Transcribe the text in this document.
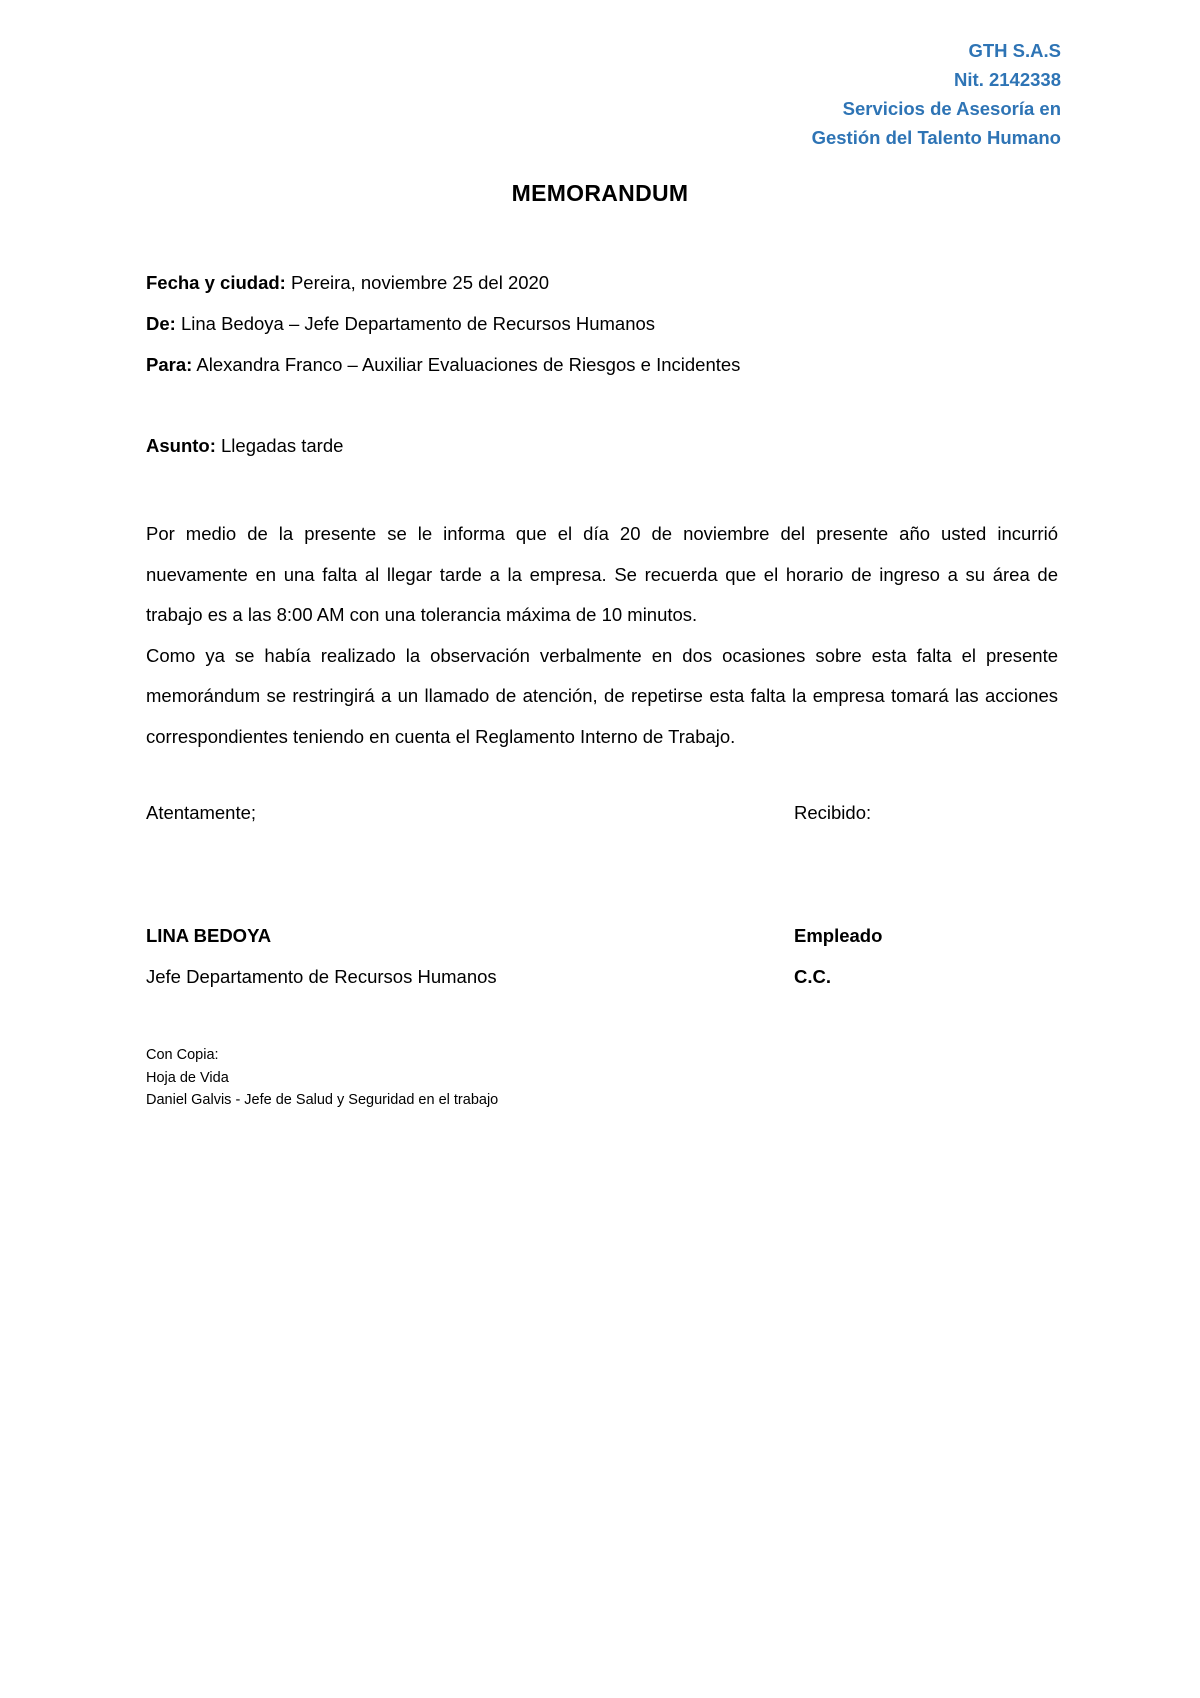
GTH S.A.S
Nit. 2142338
Servicios de Asesoría en
Gestión del Talento Humano
MEMORANDUM
Fecha y ciudad: Pereira, noviembre 25 del 2020
De: Lina Bedoya – Jefe Departamento de Recursos Humanos
Para: Alexandra Franco – Auxiliar Evaluaciones de Riesgos e Incidentes
Asunto: Llegadas tarde

Por medio de la presente se le informa que el día 20 de noviembre del presente año usted incurrió nuevamente en una falta al llegar tarde a la empresa. Se recuerda que el horario de ingreso a su área de trabajo es a las 8:00 AM con una tolerancia máxima de 10 minutos.

Como ya se había realizado la observación verbalmente en dos ocasiones sobre esta falta el presente memorándum se restringirá a un llamado de atención, de repetirse esta falta la empresa tomará las acciones correspondientes teniendo en cuenta el Reglamento Interno de Trabajo.

Atentamente;	Recibido:
LINA BEDOYA	Empleado
Jefe Departamento de Recursos Humanos	C.C.
Con Copia:
Hoja de Vida
Daniel Galvis - Jefe de Salud y Seguridad en el trabajo
